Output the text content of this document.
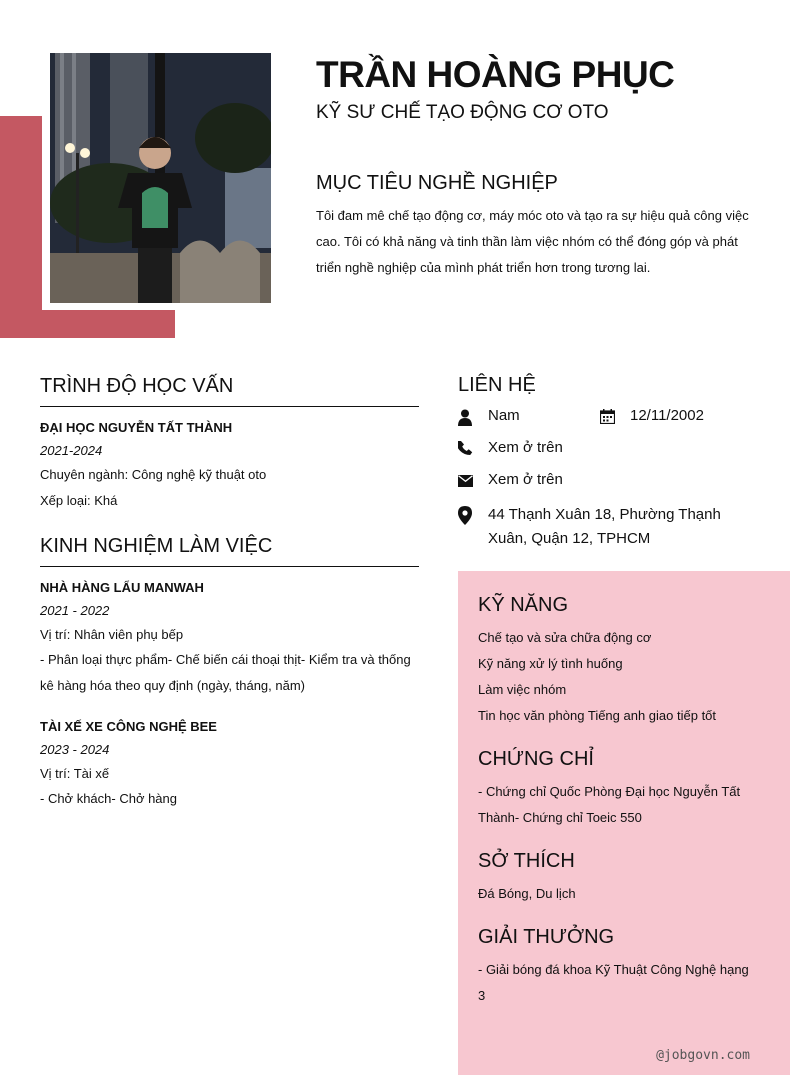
TRẦN HOÀNG PHỤC

KỸ SƯ CHẾ TẠO ĐỘNG CƠ OTO

MỤC TIÊU NGHỀ NGHIỆP

Tôi đam mê chế tạo động cơ, máy móc oto và tạo ra sự hiệu quả công việc cao. Tôi có khả năng và tinh thần làm việc nhóm có thể đóng góp và phát triển nghề nghiệp của mình phát triển hơn trong tương lai.

TRÌNH ĐỘ HỌC VẤN

ĐẠI HỌC NGUYỄN TẤT THÀNH

2021-2024

Chuyên ngành: Công nghệ kỹ thuật oto

Xếp loại: Khá

KINH NGHIỆM LÀM VIỆC

NHÀ HÀNG LẨU MANWAH

2021 - 2022

Vị trí: Nhân viên phụ bếp

- Phân loại thực phẩm- Chế biến cái thoại thịt- Kiểm tra và thống kê hàng hóa theo quy định (ngày, tháng, năm)

TÀI XẾ XE CÔNG NGHỆ BEE

2023 - 2024

Vị trí: Tài xế

- Chở khách- Chở hàng

LIÊN HỆ
Nam	12/11/2002
Xem ở trên
Xem ở trên
44 Thạnh Xuân 18, Phường Thạnh Xuân, Quận 12, TPHCM
KỸ NĂNG

Chế tạo và sửa chữa động cơ

Kỹ năng xử lý tình huống

Làm việc nhóm

Tin học văn phòng Tiếng anh giao tiếp tốt

CHỨNG CHỈ

- Chứng chỉ Quốc Phòng Đại học Nguyễn Tất Thành- Chứng chỉ Toeic 550

SỞ THÍCH

Đá Bóng, Du lịch

GIẢI THƯỞNG

- Giải bóng đá khoa Kỹ Thuật Công Nghệ hạng 3

@jobgovn.com
